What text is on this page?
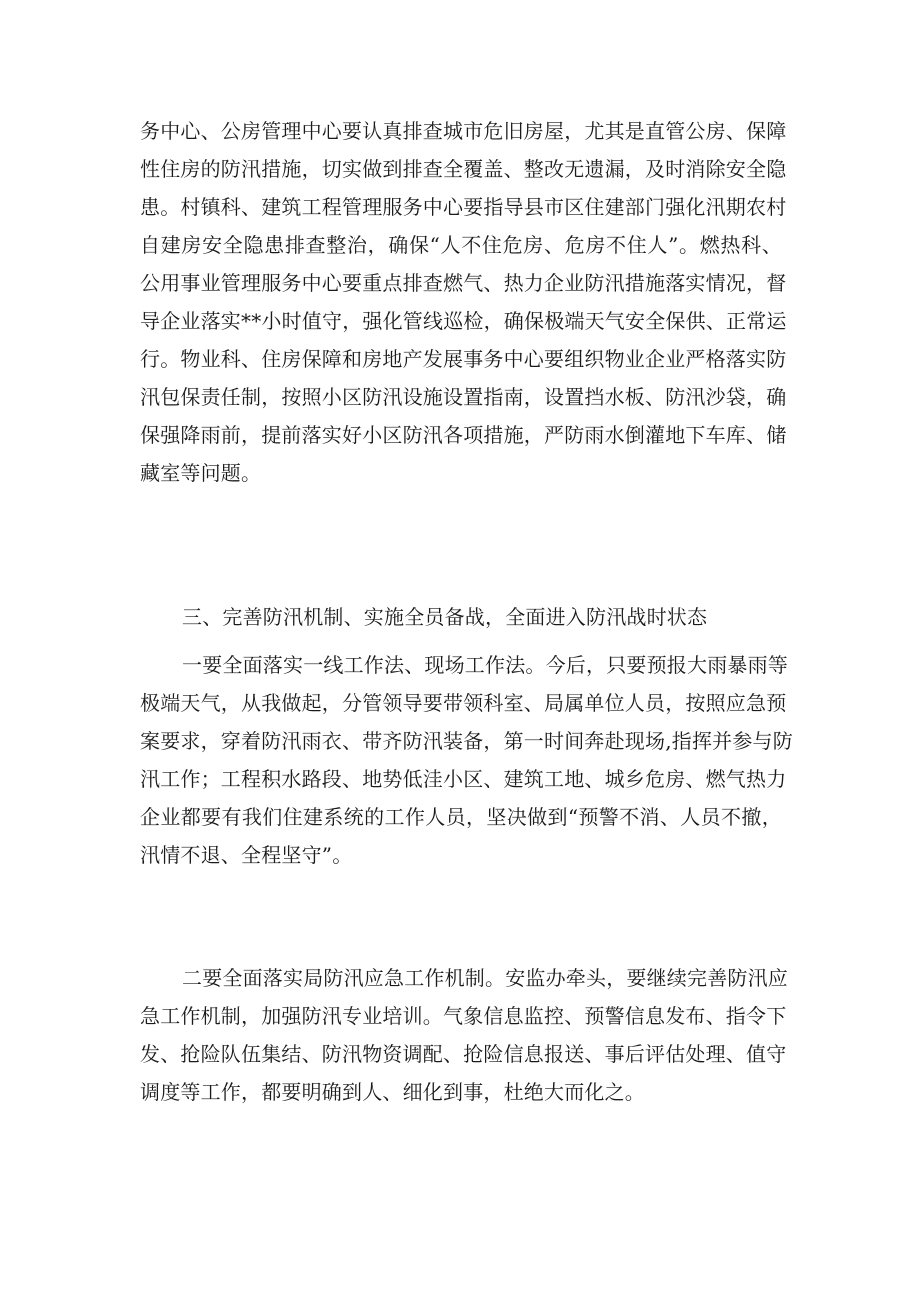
务中心、公房管理中心要认真排查城市危旧房屋，尤其是直管公房、保障
性住房的防汛措施，切实做到排查全覆盖、整改无遗漏，及时消除安全隐
患。村镇科、建筑工程管理服务中心要指导县市区住建部门强化汛期农村
自建房安全隐患排查整治，确保“人不住危房、危房不住人”。燃热科、
公用事业管理服务中心要重点排查燃气、热力企业防汛措施落实情况，督
导企业落实**小时值守，强化管线巡检，确保极端天气安全保供、正常运
行。物业科、住房保障和房地产发展事务中心要组织物业企业严格落实防
汛包保责任制，按照小区防汛设施设置指南，设置挡水板、防汛沙袋，确
保强降雨前，提前落实好小区防汛各项措施，严防雨水倒灌地下车库、储
藏室等问题。
三、完善防汛机制、实施全员备战，全面进入防汛战时状态
一要全面落实一线工作法、现场工作法。今后，只要预报大雨暴雨等
极端天气，从我做起，分管领导要带领科室、局属单位人员，按照应急预
案要求，穿着防汛雨衣、带齐防汛装备，第一时间奔赴现场,指挥并参与防
汛工作；工程积水路段、地势低洼小区、建筑工地、城乡危房、燃气热力
企业都要有我们住建系统的工作人员，坚决做到“预警不消、人员不撤，
汛情不退、全程坚守”。
二要全面落实局防汛应急工作机制。安监办牵头，要继续完善防汛应
急工作机制，加强防汛专业培训。气象信息监控、预警信息发布、指令下
发、抢险队伍集结、防汛物资调配、抢险信息报送、事后评估处理、值守
调度等工作，都要明确到人、细化到事，杜绝大而化之。
